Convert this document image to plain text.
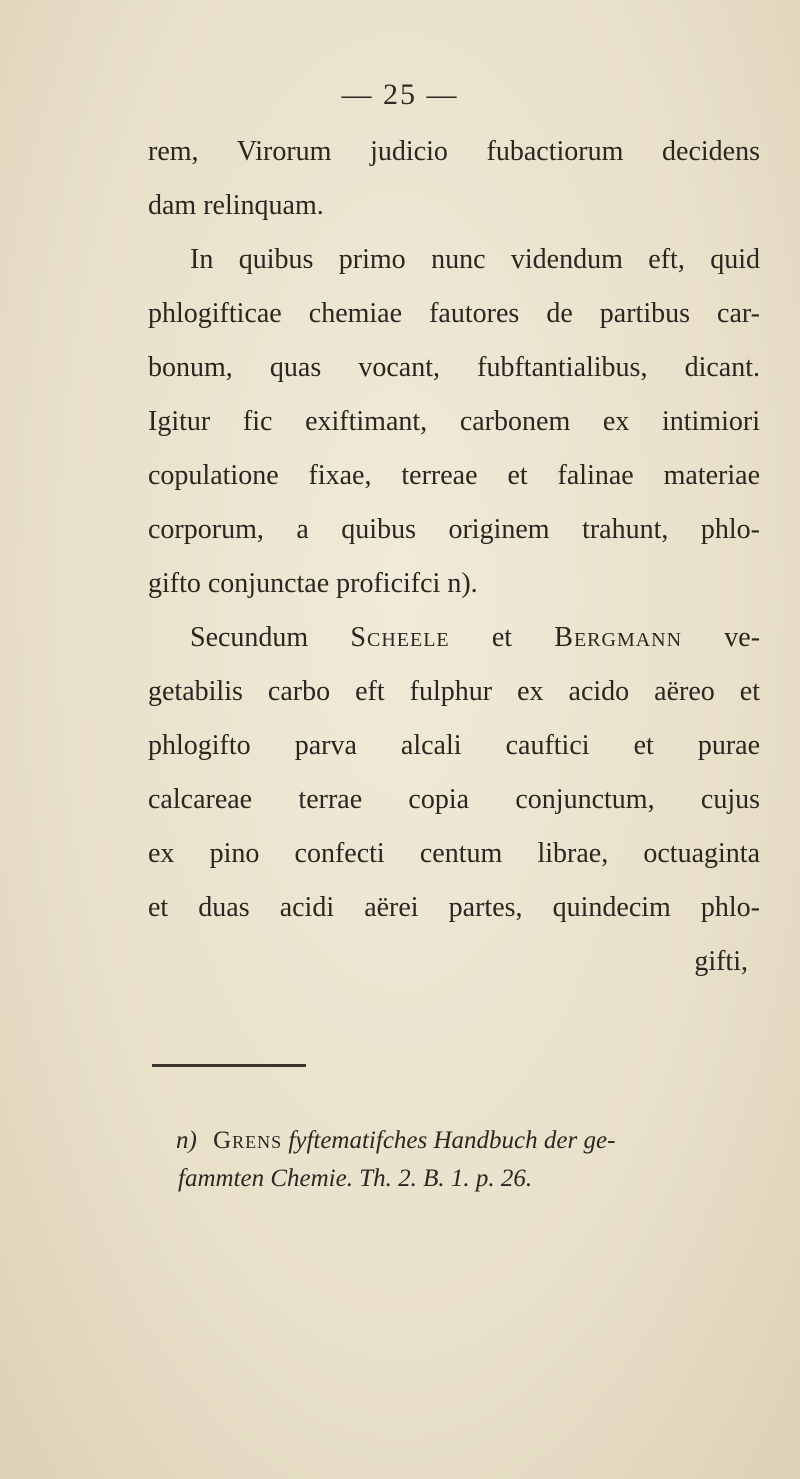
— 25 —
rem, Virorum judicio fubactiorum decidens
dam relinquam.
In quibus primo nunc videndum eft, quid
phlogifticae chemiae fautores de partibus car-
bonum, quas vocant, fubftantialibus, dicant.
Igitur fic exiftimant, carbonem ex intimiori
copulatione fixae, terreae et falinae materiae
corporum, a quibus originem trahunt, phlo-
gifto conjunctae proficifci n).
Secundum Scheele et Bergmann ve-
getabilis carbo eft fulphur ex acido aëreo et
phlogifto parva alcali cauftici et purae
calcareae terrae copia conjunctum, cujus
ex pino confecti centum librae, octuaginta
et duas acidi aërei partes, quindecim phlo-
gifti,
n) Grens fyftematifches Handbuch der ge-
fammten Chemie. Th. 2. B. 1. p. 26.
